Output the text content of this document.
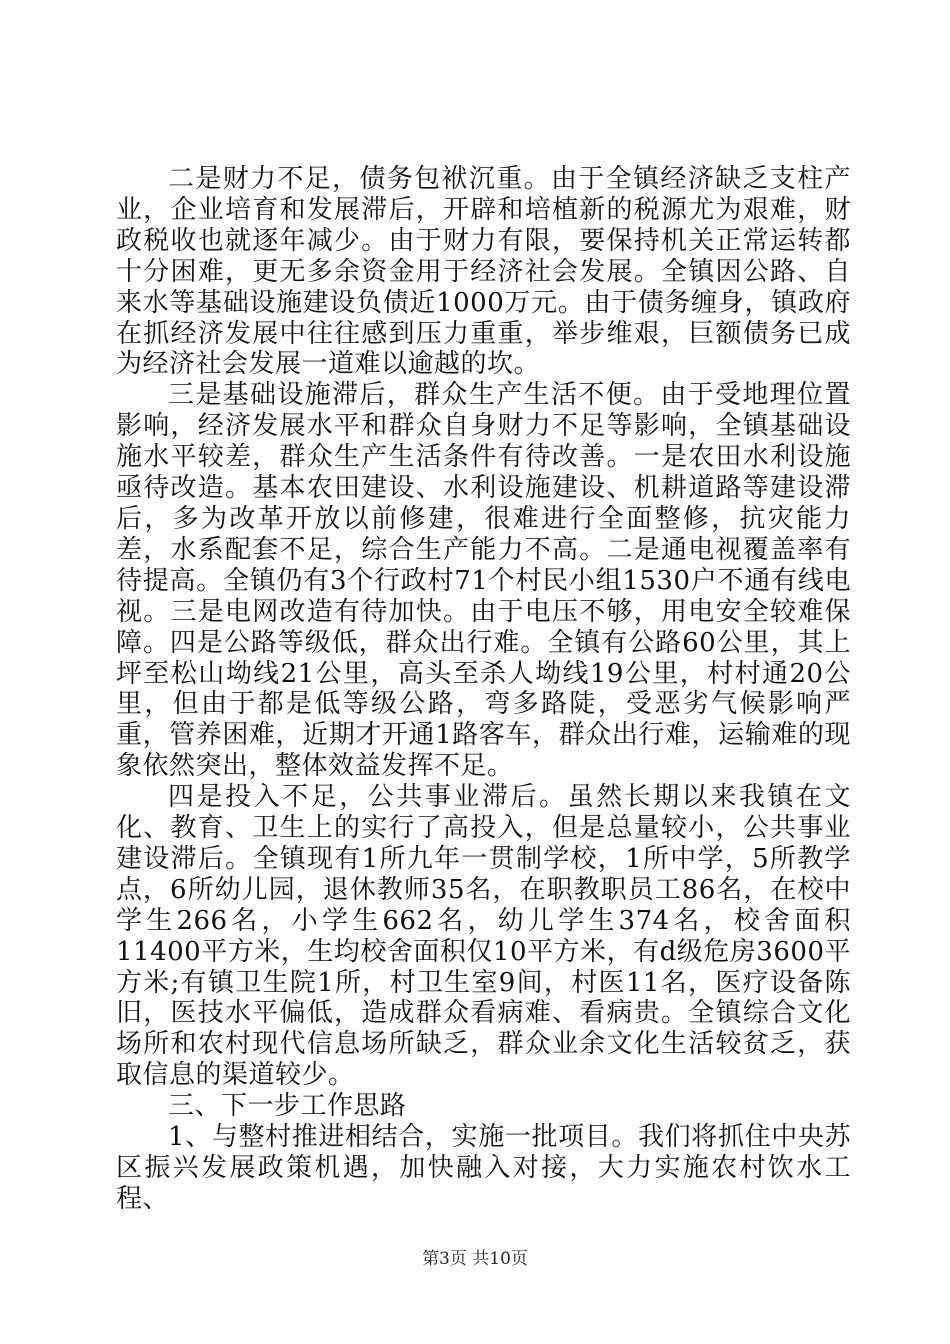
二是财力不足，债务包袱沉重。由于全镇经济缺乏支柱产业，企业培育和发展滞后，开辟和培植新的税源尤为艰难，财政税收也就逐年减少。由于财力有限，要保持机关正常运转都十分困难，更无多余资金用于经济社会发展。全镇因公路、自来水等基础设施建设负债近1000万元。由于债务缠身，镇政府在抓经济发展中往往感到压力重重，举步维艰，巨额债务已成为经济社会发展一道难以逾越的坎。

三是基础设施滞后，群众生产生活不便。由于受地理位置影响，经济发展水平和群众自身财力不足等影响，全镇基础设施水平较差，群众生产生活条件有待改善。一是农田水利设施亟待改造。基本农田建设、水利设施建设、机耕道路等建设滞后，多为改革开放以前修建，很难进行全面整修，抗灾能力差，水系配套不足，综合生产能力不高。二是通电视覆盖率有待提高。全镇仍有3个行政村71个村民小组1530户不通有线电视。三是电网改造有待加快。由于电压不够，用电安全较难保障。四是公路等级低，群众出行难。全镇有公路60公里，其上坪至松山坳线21公里，高头至杀人坳线19公里，村村通20公里，但由于都是低等级公路，弯多路陡，受恶劣气候影响严重，管养困难，近期才开通1路客车，群众出行难，运输难的现象依然突出，整体效益发挥不足。

四是投入不足，公共事业滞后。虽然长期以来我镇在文化、教育、卫生上的实行了高投入，但是总量较小，公共事业建设滞后。全镇现有1所九年一贯制学校，1所中学，5所教学点，6所幼儿园，退休教师35名，在职教职员工86名，在校中学生266名，小学生662名，幼儿学生374名，校舍面积11400平方米，生均校舍面积仅10平方米，有d级危房3600平方米;有镇卫生院1所，村卫生室9间，村医11名，医疗设备陈旧，医技水平偏低，造成群众看病难、看病贵。全镇综合文化场所和农村现代信息场所缺乏，群众业余文化生活较贫乏，获取信息的渠道较少。

三、下一步工作思路

1、与整村推进相结合，实施一批项目。我们将抓住中央苏区振兴发展政策机遇，加快融入对接，大力实施农村饮水工程、

第3页 共10页
